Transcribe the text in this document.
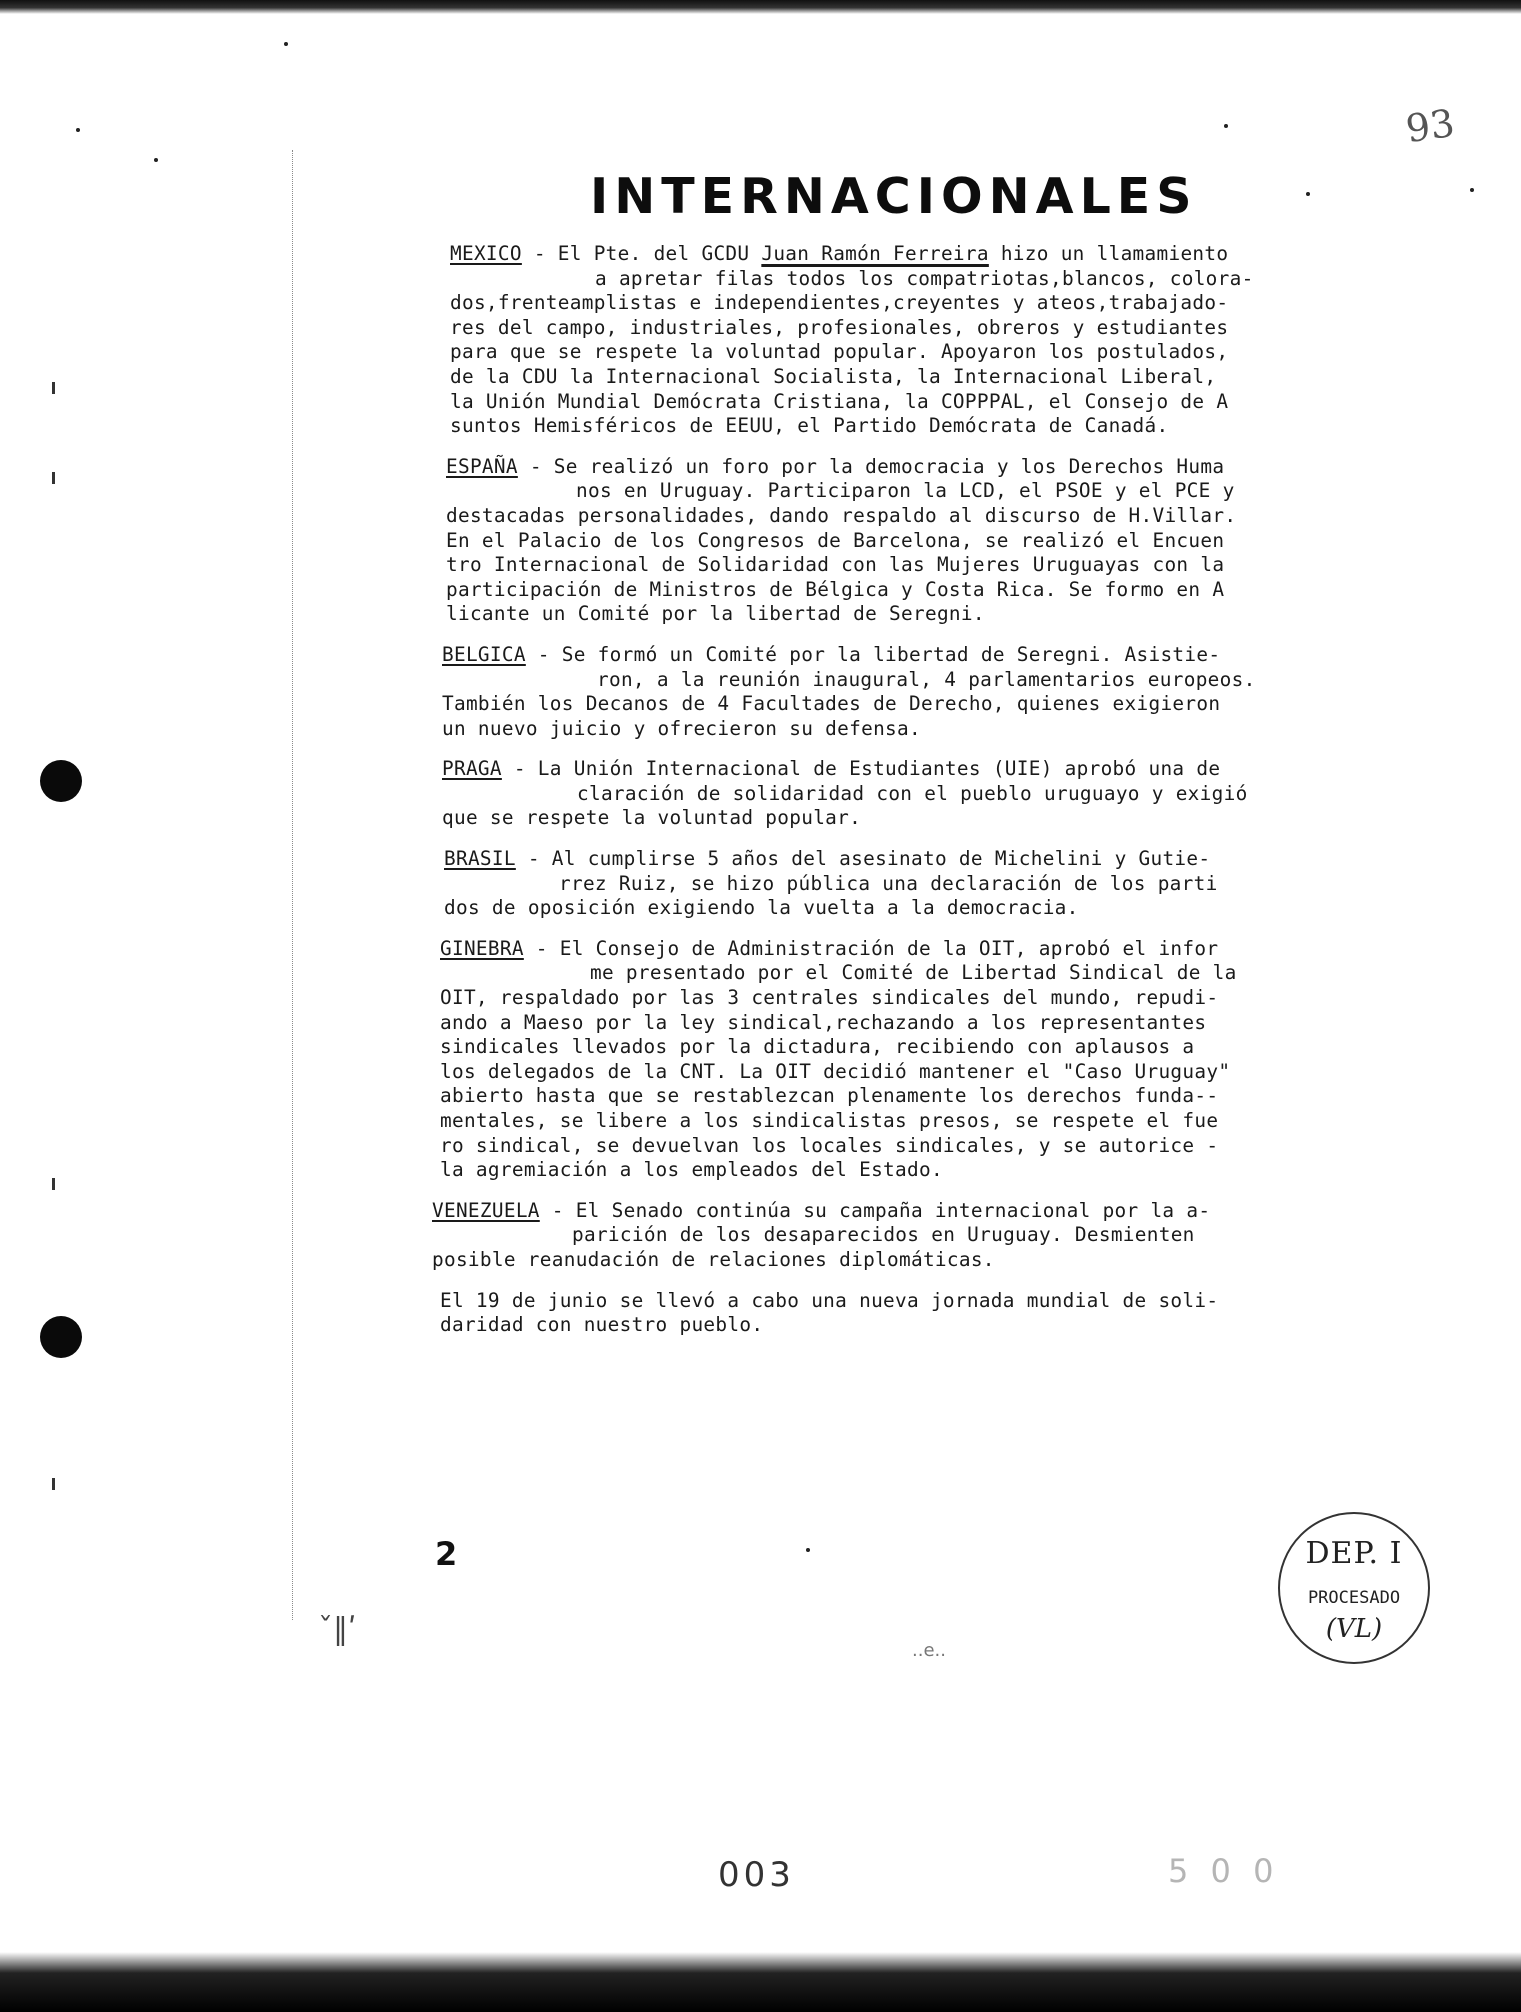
93
INTERNACIONALES
MEXICO - El Pte. del GCDU Juan Ramón Ferreira hizo un llamamiento
a apretar filas todos los compatriotas,blancos, colora-
dos,frenteamplistas e independientes,creyentes y ateos,trabajado-
res del campo, industriales, profesionales, obreros y estudiantes
para que se respete la voluntad popular. Apoyaron los postulados,
de la CDU la Internacional Socialista, la Internacional Liberal,
la Unión Mundial Demócrata Cristiana, la COPPPAL, el Consejo de A
suntos Hemisféricos de EEUU, el Partido Demócrata de Canadá.
ESPAÑA - Se realizó un foro por la democracia y los Derechos Huma
nos en Uruguay. Participaron la LCD, el PSOE y el PCE y
destacadas personalidades, dando respaldo al discurso de H.Villar.
En el Palacio de los Congresos de Barcelona, se realizó el Encuen
tro Internacional de Solidaridad con las Mujeres Uruguayas con la
participación de Ministros de Bélgica y Costa Rica. Se formo en A
licante un Comité por la libertad de Seregni.
BELGICA - Se formó un Comité por la libertad de Seregni. Asistie-
ron, a la reunión inaugural, 4 parlamentarios europeos.
También los Decanos de 4 Facultades de Derecho, quienes exigieron
un nuevo juicio y ofrecieron su defensa.
PRAGA - La Unión Internacional de Estudiantes (UIE) aprobó una de
claración de solidaridad con el pueblo uruguayo y exigió
que se respete la voluntad popular.
BRASIL - Al cumplirse 5 años del asesinato de Michelini y Gutie-
rrez Ruiz, se hizo pública una declaración de los parti
dos de oposición exigiendo la vuelta a la democracia.
GINEBRA - El Consejo de Administración de la OIT, aprobó el infor
me presentado por el Comité de Libertad Sindical de la
OIT, respaldado por las 3 centrales sindicales del mundo, repudi-
ando a Maeso por la ley sindical,rechazando a los representantes
sindicales llevados por la dictadura, recibiendo con aplausos a
los delegados de la CNT. La OIT decidió mantener el "Caso Uruguay"
abierto hasta que se restablezcan plenamente los derechos funda--
mentales, se libere a los sindicalistas presos, se respete el fue
ro sindical, se devuelvan los locales sindicales, y se autorice -
la agremiación a los empleados del Estado.
VENEZUELA - El Senado continúa su campaña internacional por la a-
parición de los desaparecidos en Uruguay. Desmienten
posible reanudación de relaciones diplomáticas.
El 19 de junio se llevó a cabo una nueva jornada mundial de soli-
daridad con nuestro pueblo.
2	DEP. I
PROCESADO
(VL)
ˇ‖ʹ
..e..
5 0 0
003
